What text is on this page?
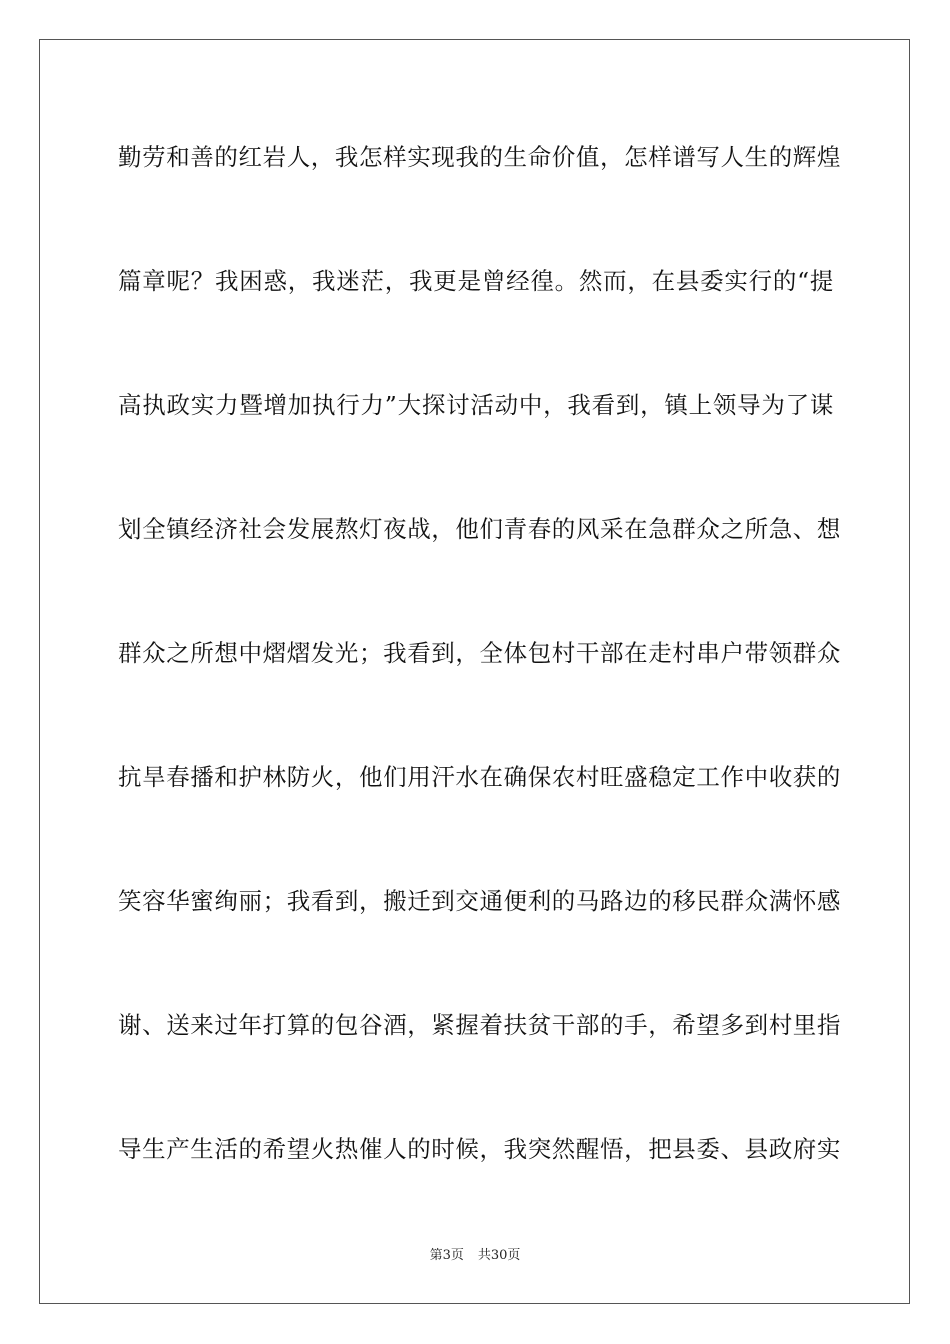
勤劳和善的红岩人，我怎样实现我的生命价值，怎样谱写人生的辉煌

篇章呢？我困惑，我迷茫，我更是曾经徨。然而，在县委实行的“提

高执政实力暨增加执行力”大探讨活动中，我看到，镇上领导为了谋

划全镇经济社会发展熬灯夜战，他们青春的风采在急群众之所急、想

群众之所想中熠熠发光；我看到，全体包村干部在走村串户带领群众

抗旱春播和护林防火，他们用汗水在确保农村旺盛稳定工作中收获的

笑容华蜜绚丽；我看到，搬迁到交通便利的马路边的移民群众满怀感

谢、送来过年打算的包谷酒，紧握着扶贫干部的手，希望多到村里指

导生产生活的希望火热催人的时候，我突然醒悟，把县委、县政府实

第3页 共30页
